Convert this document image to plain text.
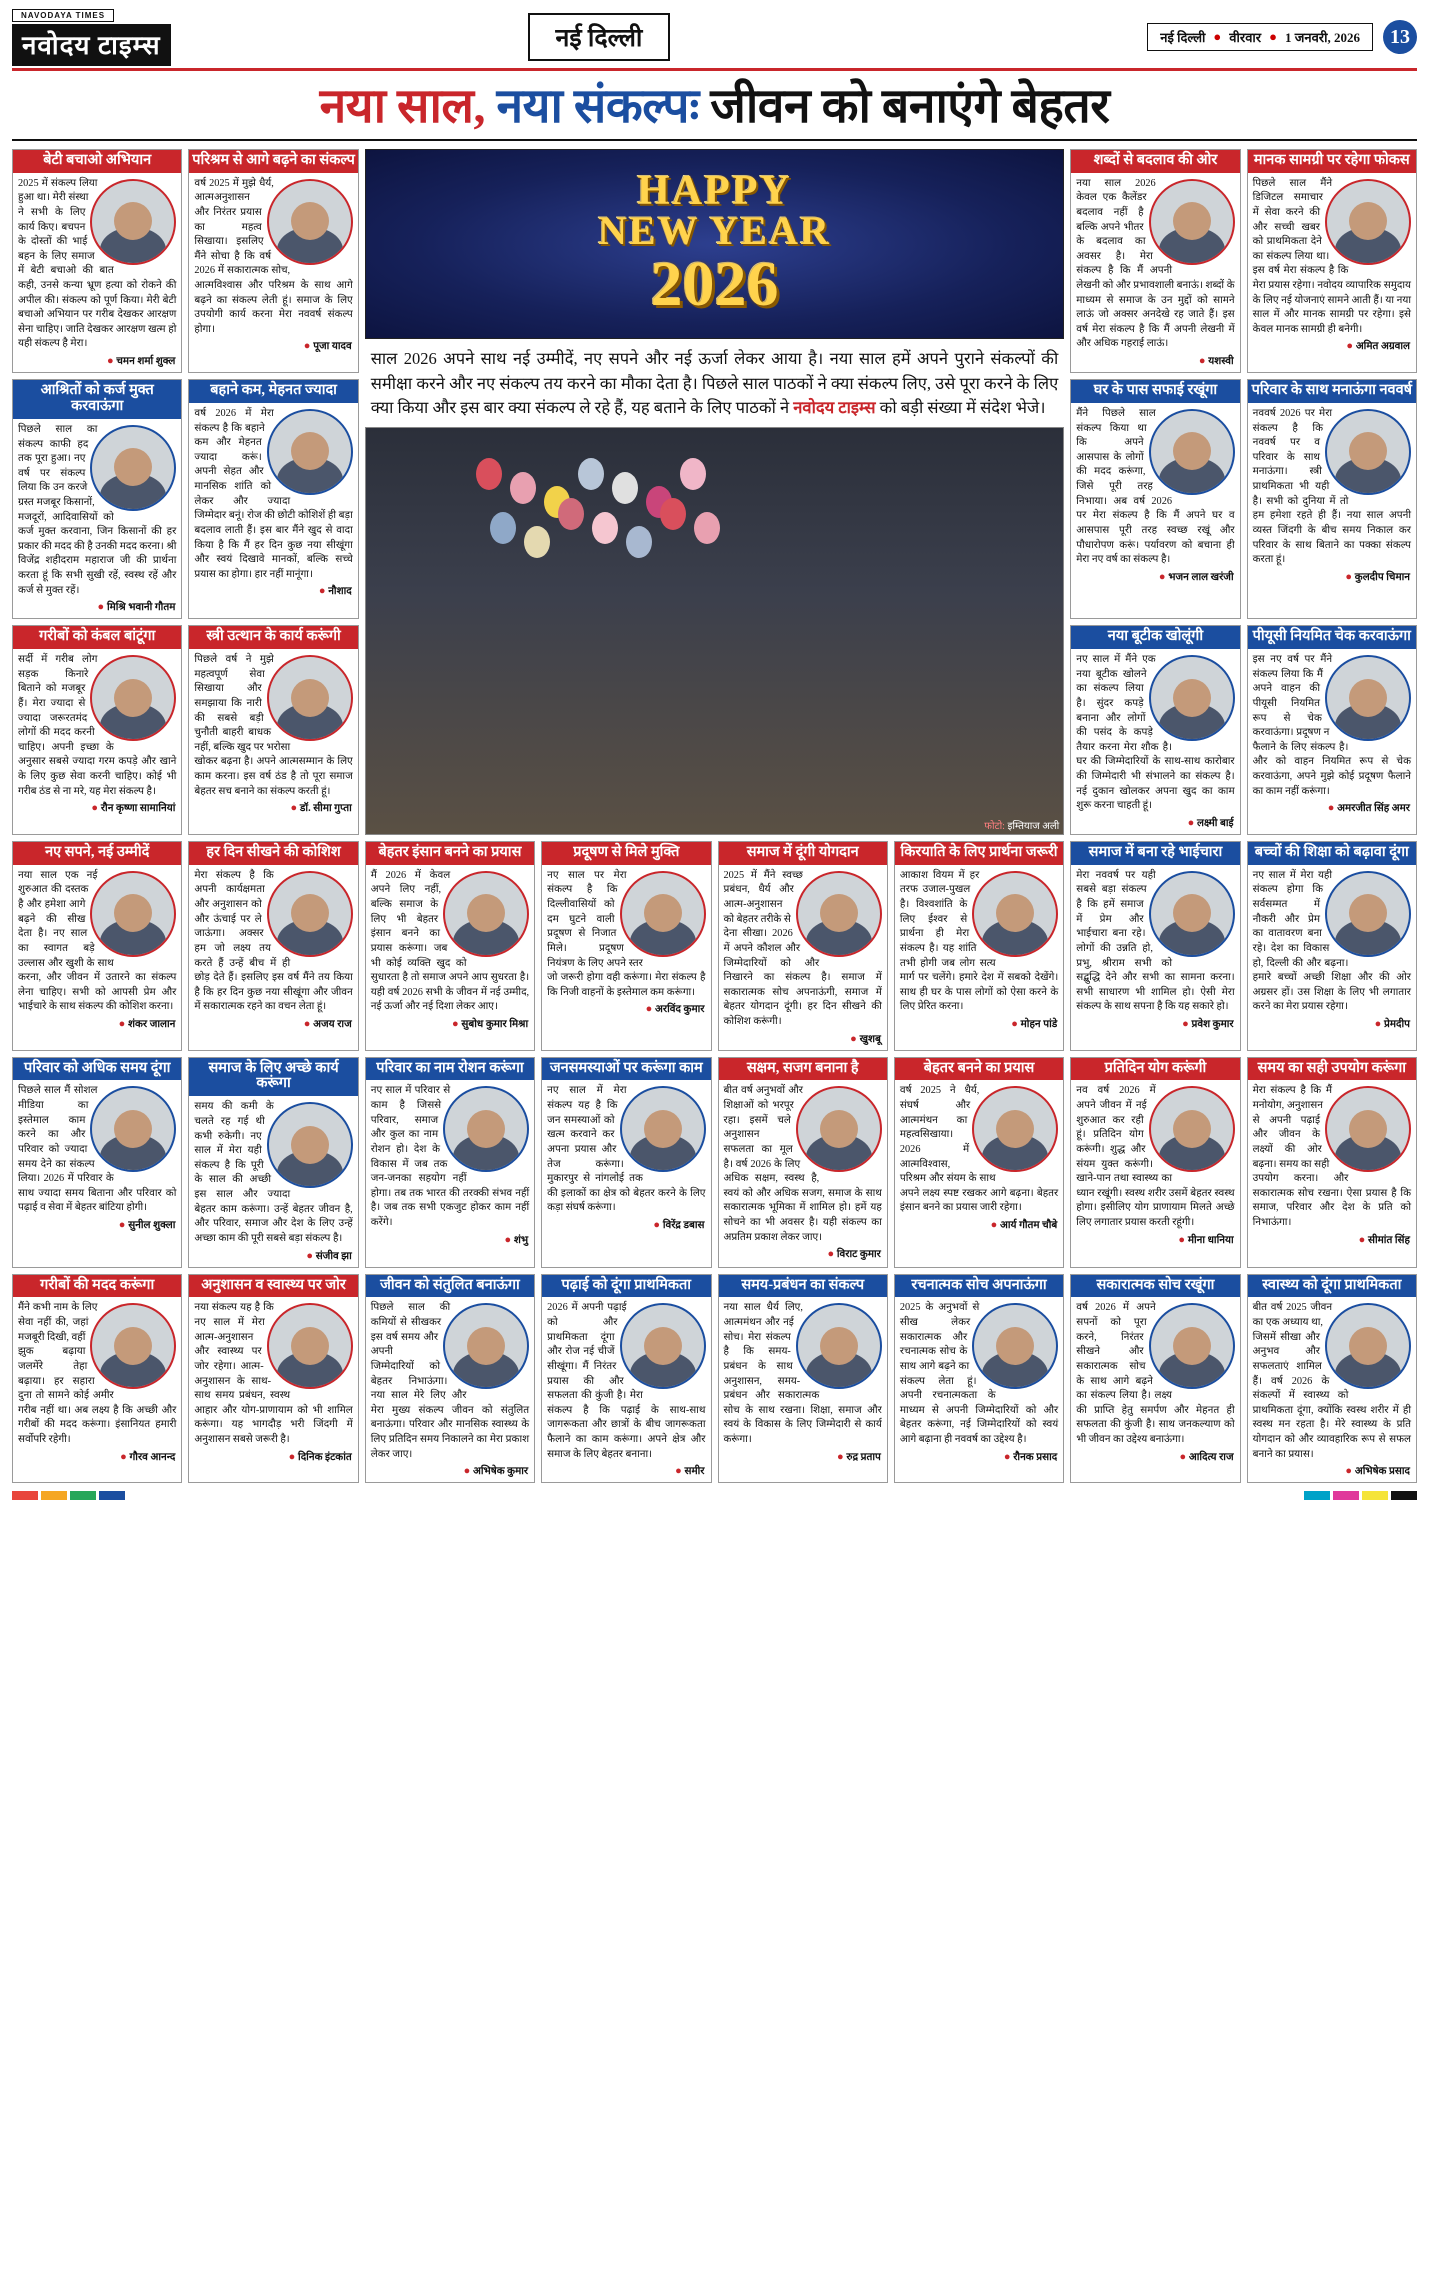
NAVODAYA TIMES
नवोदय टाइम्स	नई दिल्ली	नई दिल्ली ● वीरवार ● 1 जनवरी, 2026	13
नया साल, नया संकल्पः जीवन को बनाएंगे बेहतर
बेटी बचाओ अभियान
2025 में संकल्प लिया हुआ था। मेरी संस्था ने सभी के लिए कार्य किए। बचपन के दोस्तों की भाई बहन के लिए समाज में बेटी बचाओ की बात कही, उनसे कन्या भ्रूण हत्या को रोकने की अपील की। संकल्प को पूर्ण किया। मेरी बेटी बचाओ अभियान पर गरीब देखकर आरक्षण सेना चाहिए। जाति देखकर आरक्षण खत्म हो यही संकल्प है मेरा।
● चमन शर्मा शुक्ल
परिश्रम से आगे बढ़ने का संकल्प
वर्ष 2025 में मुझे धैर्य, आत्मअनुशासन और निरंतर प्रयास का महत्व सिखाया। इसलिए मैंने सोचा है कि वर्ष 2026 में सकारात्मक सोच, आत्मविश्वास और परिश्रम के साथ आगे बढ़ने का संकल्प लेती हूं। समाज के लिए उपयोगी कार्य करना मेरा नववर्ष संकल्प होगा।
● पूजा यादव
HAPPY
NEW YEAR
2026
साल 2026 अपने साथ नई उम्मीदें, नए सपने और नई ऊर्जा लेकर आया है। नया साल हमें अपने पुराने संकल्पों की समीक्षा करने और नए संकल्प तय करने का मौका देता है। पिछले साल पाठकों ने क्या संकल्प लिए, उसे पूरा करने के लिए क्या किया और इस बार क्या संकल्प ले रहे हैं, यह बताने के लिए पाठकों ने नवोदय टाइम्स को बड़ी संख्या में संदेश भेजे।
फोटो: इम्तियाज अली
शब्दों से बदलाव की ओर
नया साल 2026 केवल एक कैलेंडर बदलाव नहीं है बल्कि अपने भीतर के बदलाव का अवसर है। मेरा संकल्प है कि मैं अपनी लेखनी को और प्रभावशाली बनाऊं। शब्दों के माध्यम से समाज के उन मुद्दों को सामने लाऊं जो अक्सर अनदेखे रह जाते हैं। इस वर्ष मेरा संकल्प है कि मैं अपनी लेखनी में और अधिक गहराई लाऊं।
● यशस्वी
मानक सामग्री पर रहेगा फोकस
पिछले साल मैंने डिजिटल समाचार में सेवा करने की और सच्ची खबर को प्राथमिकता देने का संकल्प लिया था। इस वर्ष मेरा संकल्प है कि मेरा प्रयास रहेगा। नवोदय व्यापारिक समुदाय के लिए नई योजनाएं सामने आती हैं। या नया साल में और मानक सामग्री पर रहेगा। इसे केवल मानक सामग्री ही बनेगी।
● अमित अग्रवाल
आश्रितों को कर्ज मुक्त करवाऊंगा
पिछले साल का संकल्प काफी हद तक पूरा हुआ। नए वर्ष पर संकल्प लिया कि उन करजे ग्रस्त मजबूर किसानों, मजदूरों, आदिवासियों को कर्ज मुक्त करवाना, जिन किसानों की हर प्रकार की मदद की है उनकी मदद करना। श्री विजेंद्र शहीदराम महाराज जी की प्रार्थना करता हूं कि सभी सुखी रहें, स्वस्थ रहें और कर्ज से मुक्त रहें।
● मिश्रि भवानी गौतम
बहाने कम, मेहनत ज्यादा
वर्ष 2026 में मेरा संकल्प है कि बहाने कम और मेहनत ज्यादा करूं। अपनी सेहत और मानसिक शांति को लेकर और ज्यादा जिम्मेदार बनूं। रोज की छोटी कोशिशें ही बड़ा बदलाव लाती हैं। इस बार मैंने खुद से वादा किया है कि मैं हर दिन कुछ नया सीखूंगा और स्वयं दिखावे मानकों, बल्कि सच्चे प्रयास का होगा। हार नहीं मानूंगा।
● नौशाद
घर के पास सफाई रखूंगा
मैंने पिछले साल संकल्प किया था कि अपने आसपास के लोगों की मदद करूंगा, जिसे पूरी तरह निभाया। अब वर्ष 2026 पर मेरा संकल्प है कि मैं अपने घर व आसपास पूरी तरह स्वच्छ रखूं और पौधारोपण करूं। पर्यावरण को बचाना ही मेरा नए वर्ष का संकल्प है।
● भजन लाल खरंजी
परिवार के साथ मनाऊंगा नववर्ष
नववर्ष 2026 पर मेरा संकल्प है कि नववर्ष पर व परिवार के साथ मनाऊंगा। स्त्री प्राथमिकता भी यही है। सभी को दुनिया में तो हम हमेशा रहते ही हैं। नया साल अपनी व्यस्त जिंदगी के बीच समय निकाल कर परिवार के साथ बिताने का पक्का संकल्प करता हूं।
● कुलदीप चिमान
गरीबों को कंबल बांटूंगा
सर्दी में गरीब लोग सड़क किनारे बिताने को मजबूर हैं। मेरा ज्यादा से ज्यादा जरूरतमंद लोगों की मदद करनी चाहिए। अपनी इच्छा के अनुसार सबसे ज्यादा गरम कपड़े और खाने के लिए कुछ सेवा करनी चाहिए। कोई भी गरीब ठंड से ना मरे, यह मेरा संकल्प है।
● रौन कृष्णा सामानियां
स्त्री उत्थान के कार्य करूंगी
पिछले वर्ष ने मुझे महत्वपूर्ण सेवा सिखाया और समझाया कि नारी की सबसे बड़ी चुनौती बाहरी बाधक नहीं, बल्कि खुद पर भरोसा खोकर बढ़ना है। अपने आत्मसम्मान के लिए काम करना। इस वर्ष ठंड है तो पूरा समाज बेहतर सच बनाने का संकल्प करती हूं।
● डॉ. सीमा गुप्ता
नया बूटीक खोलूंगी
नए साल में मैंने एक नया बूटीक खोलने का संकल्प लिया है। सुंदर कपड़े बनाना और लोगों की पसंद के कपड़े तैयार करना मेरा शौक है। घर की जिम्मेदारियों के साथ-साथ कारोबार की जिम्मेदारी भी संभालने का संकल्प है। नई दुकान खोलकर अपना खुद का काम शुरू करना चाहती हूं।
● लक्ष्मी बाई
पीयूसी नियमित चेक करवाऊंगा
इस नए वर्ष पर मैंने संकल्प लिया कि मैं अपने वाहन की पीयूसी नियमित रूप से चेक करवाऊंगा। प्रदूषण न फैलाने के लिए संकल्प है। और को वाहन नियमित रूप से चेक करवाऊंगा, अपने मुझे कोई प्रदूषण फैलाने का काम नहीं करूंगा।
● अमरजीत सिंह अमर
नए सपने, नई उम्मीदें
नया साल एक नई शुरुआत की दस्तक है और हमेशा आगे बढ़ने की सीख देता है। नए साल का स्वागत बड़े उल्लास और खुशी के साथ करना, और जीवन में उतारने का संकल्प लेना चाहिए। सभी को आपसी प्रेम और भाईचारे के साथ संकल्प की कोशिश करना।
● शंकर जालान
हर दिन सीखने की कोशिश
मेरा संकल्प है कि अपनी कार्यक्षमता और अनुशासन को और ऊंचाई पर ले जाऊंगा। अक्सर हम जो लक्ष्य तय करते हैं उन्हें बीच में ही छोड़ देते हैं। इसलिए इस वर्ष मैंने तय किया है कि हर दिन कुछ नया सीखूंगा और जीवन में सकारात्मक रहने का वचन लेता हूं।
● अजय राज
बेहतर इंसान बनने का प्रयास
मैं 2026 में केवल अपने लिए नहीं, बल्कि समाज के लिए भी बेहतर इंसान बनने का प्रयास करूंगा। जब भी कोई व्यक्ति खुद को सुधारता है तो समाज अपने आप सुधरता है। यही वर्ष 2026 सभी के जीवन में नई उम्मीद, नई ऊर्जा और नई दिशा लेकर आए।
● सुबोध कुमार मिश्रा
प्रदूषण से मिले मुक्ति
नए साल पर मेरा संकल्प है कि दिल्लीवासियों को दम घुटने वाली प्रदूषण से निजात मिले। प्रदूषण नियंत्रण के लिए अपने स्तर जो जरूरी होगा वही करूंगा। मेरा संकल्प है कि निजी वाहनों के इस्तेमाल कम करूंगा।
● अरविंद कुमार
समाज में दूंगी योगदान
2025 में मैंने स्वच्छ प्रबंधन, धैर्य और आत्म-अनुशासन को बेहतर तरीके से देना सीखा। 2026 में अपने कौशल और जिम्मेदारियों को और निखारने का संकल्प है। समाज में सकारात्मक सोच अपनाऊंगी, समाज में बेहतर योगदान दूंगी। हर दिन सीखने की कोशिश करूंगी।
● खुशबू
किरयाति के लिए प्रार्थना जरूरी
आकाश वियम में हर तरफ उजाल-पुखल है। विश्वशांति के लिए ईश्वर से प्रार्थना ही मेरा संकल्प है। यह शांति तभी होगी जब लोग सत्य मार्ग पर चलेंगे। हमारे देश में सबको देखेंगे। साथ ही घर के पास लोगों को ऐसा करने के लिए प्रेरित करना।
● मोहन पांडे
समाज में बना रहे भाईचारा
मेरा नववर्ष पर यही सबसे बड़ा संकल्प है कि हमें समाज में प्रेम और भाईचारा बना रहे। लोगों की उन्नति हो, प्रभु, श्रीराम सभी को सद्बुद्धि देने और सभी का सामना करना। सभी साधारण भी शामिल हो। ऐसी मेरा संकल्प के साथ सपना है कि यह सकारे हो।
● प्रवेश कुमार
बच्चों की शिक्षा को बढ़ावा दूंगा
नए साल में मेरा यही संकल्प होगा कि सर्वसम्मत में नौकरी और प्रेम का वातावरण बना रहे। देश का विकास हो, दिल्ली की और बढ़ना। हमारे बच्चों अच्छी शिक्षा और की ओर अग्रसर हों। उस शिक्षा के लिए भी लगातार करने का मेरा प्रयास रहेगा।
● प्रेमदीप
परिवार को अधिक समय दूंगा
पिछले साल मैं सोशल मीडिया का इस्तेमाल काम करने का और परिवार को ज्यादा समय देने का संकल्प लिया। 2026 में परिवार के साथ ज्यादा समय बिताना और परिवार को पढ़ाई व सेवा में बेहतर बांटिया होगी।
● सुनील शुक्ला
समाज के लिए अच्छे कार्य करूंगा
समय की कमी के चलते रह गई थी कभी रुकेगी। नए साल में मेरा यही संकल्प है कि पूरी के साल की अच्छी इस साल और ज्यादा बेहतर काम करूंगा। उन्हें बेहतर जीवन है, और परिवार, समाज और देश के लिए उन्हें अच्छा काम की पूरी सबसे बड़ा संकल्प है।
● संजीव झा
परिवार का नाम रोशन करूंगा
नए साल में परिवार से काम है जिससे परिवार, समाज और कुल का नाम रोशन हो। देश के विकास में जब तक जन-जनका सहयोग नहीं होगा। तब तक भारत की तरक्की संभव नहीं है। जब तक सभी एकजुट होकर काम नहीं करेंगे।
● शंभु
जनसमस्याओं पर करूंगा काम
नए साल में मेरा संकल्प यह है कि जन समस्याओं को खत्म करवाने कर अपना प्रयास और तेज करूंगा। मुकारपुर से नांगलोई तक की इलाकों का क्षेत्र को बेहतर करने के लिए कड़ा संघर्ष करूंगा।
● विरेंद्र डबास
सक्षम, सजग बनाना है
बीत वर्ष अनुभवों और शिक्षाओं को भरपूर रहा। इसमें चले अनुशासन सफलता का मूल है। वर्ष 2026 के लिए अधिक सक्षम, स्वस्थ है, स्वयं को और अधिक सजग, समाज के साथ सकारात्मक भूमिका में शामिल हो। हमें यह सोचने का भी अवसर है। यही संकल्प का अप्रतिम प्रकाश लेकर जाए।
● विराट कुमार
बेहतर बनने का प्रयास
वर्ष 2025 ने धैर्य, संघर्ष और आत्ममंथन का महत्वसिखाया। 2026 में आत्मविश्वास, परिश्रम और संयम के साथ अपने लक्ष्य स्पष्ट रखकर आगे बढ़ना। बेहतर इंसान बनने का प्रयास जारी रहेगा।
● आर्य गौतम चौबे
प्रतिदिन योग करूंगी
नव वर्ष 2026 में अपने जीवन में नई शुरुआत कर रही हूं। प्रतिदिन योग करूंगी। शुद्ध और संयम युक्त करूंगी। खाने-पान तथा स्वास्थ्य का ध्यान रखूंगी। स्वस्थ शरीर उसमें बेहतर स्वस्थ होगा। इसीलिए योग प्राणायाम मिलते अच्छे लिए लगातार प्रयास करती रहूंगी।
● मीना धानिया
समय का सही उपयोग करूंगा
मेरा संकल्प है कि मैं मनोयोग, अनुशासन से अपनी पढ़ाई और जीवन के लक्ष्यों की ओर बढ़ना। समय का सही उपयोग करना। और सकारात्मक सोच रखना। ऐसा प्रयास है कि समाज, परिवार और देश के प्रति को निभाऊंगा।
● सीमांत सिंह
गरीबों की मदद करूंगा
मैंने कभी नाम के लिए सेवा नहीं की, जहां मजबूरी दिखी, वहीं झुक बढ़ाया जलमेंरे तेहा बढ़ाया। हर सहारा दुना तो सामने कोई अमीर गरीब नहीं था। अब लक्ष्य है कि अच्छी और गरीबों की मदद करूंगा। इंसानियत हमारी सर्वोपरि रहेगी।
● गौरव आनन्द
अनुशासन व स्वास्थ्य पर जोर
नया संकल्प यह है कि नए साल में मेरा आत्म-अनुशासन और स्वास्थ्य पर जोर रहेगा। आत्म-अनुशासन के साथ-साथ समय प्रबंधन, स्वस्थ आहार और योग-प्राणायाम को भी शामिल करूंगा। यह भागदौड़ भरी जिंदगी में अनुशासन सबसे जरूरी है।
● दिनिक इंटकांत
जीवन को संतुलित बनाऊंगा
पिछले साल की कमियों से सीखकर इस वर्ष समय और अपनी जिम्मेदारियों को बेहतर निभाऊंगा। नया साल मेरे लिए और मेरा मुख्य संकल्प जीवन को संतुलित बनाऊंगा। परिवार और मानसिक स्वास्थ्य के लिए प्रतिदिन समय निकालने का मेरा प्रकाश लेकर जाए।
● अभिषेक कुमार
पढ़ाई को दूंगा प्राथमिकता
2026 में अपनी पढ़ाई को और प्राथमिकता दूंगा और रोज नई चीजें सीखूंगा। मैं निरंतर प्रयास की और सफलता की कुंजी है। मेरा संकल्प है कि पढ़ाई के साथ-साथ जागरूकता और छात्रों के बीच जागरूकता फैलाने का काम करूंगा। अपने क्षेत्र और समाज के लिए बेहतर बनाना।
● समीर
समय-प्रबंधन का संकल्प
नया साल धैर्य लिए, आत्ममंथन और नई सोच। मेरा संकल्प है कि समय-प्रबंधन के साथ अनुशासन, समय-प्रबंधन और सकारात्मक सोच के साथ रखना। शिक्षा, समाज और स्वयं के विकास के लिए जिम्मेदारी से कार्य करूंगा।
● रुद्र प्रताप
रचनात्मक सोच अपनाऊंगा
2025 के अनुभवों से सीख लेकर सकारात्मक और रचनात्मक सोच के साथ आगे बढ़ने का संकल्प लेता हूं। अपनी रचनात्मकता के माध्यम से अपनी जिम्मेदारियों को और बेहतर करूंगा, नई जिम्मेदारियों को स्वयं आगे बढ़ाना ही नववर्ष का उद्देश्य है।
● रौनक प्रसाद
सकारात्मक सोच रखूंगा
वर्ष 2026 में अपने सपनों को पूरा करने, निरंतर सीखने और सकारात्मक सोच के साथ आगे बढ़ने का संकल्प लिया है। लक्ष्य की प्राप्ति हेतु समर्पण और मेहनत ही सफलता की कुंजी है। साथ जनकल्याण को भी जीवन का उद्देश्य बनाऊंगा।
● आदित्य राज
स्वास्थ्य को दूंगा प्राथमिकता
बीत वर्ष 2025 जीवन का एक अध्याय था, जिसमें सीखा और अनुभव और सफलताएं शामिल हैं। वर्ष 2026 के संकल्पों में स्वास्थ्य को प्राथमिकता दूंगा, क्योंकि स्वस्थ शरीर में ही स्वस्थ मन रहता है। मेरे स्वास्थ्य के प्रति योगदान को और व्यावहारिक रूप से सफल बनाने का प्रयास।
● अभिषेक प्रसाद
